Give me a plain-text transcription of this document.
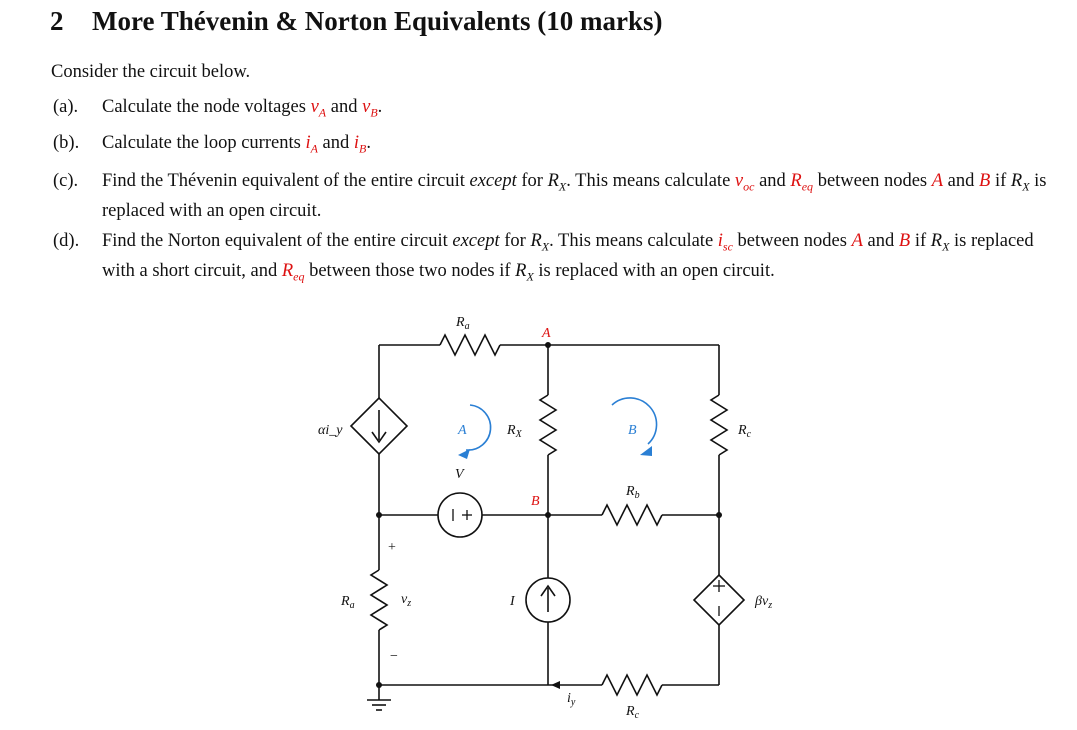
2 More Thévenin & Norton Equivalents (10 marks)
Consider the circuit below.
(a). Calculate the node voltages $v_A$ and $v_B$.
(b). Calculate the loop currents $i_A$ and $i_B$.
(c). Find the Thévenin equivalent of the entire circuit except for $R_X$. This means calculate $v_{oc}$ and $R_{eq}$ between nodes A and B if $R_X$ is replaced with an open circuit.
(d). Find the Norton equivalent of the entire circuit except for $R_X$. This means calculate $i_{sc}$ between nodes A and B if $R_X$ is replaced with a short circuit, and $R_{eq}$ between those two nodes if $R_X$ is replaced with an open circuit.
$R_a$	A
αi_y	A	$R_X$	B	$R_c$
V
$R_b$
B
+
$R_a$	$v_z$	I	$\beta v_z$
−
$i_y$
$R_c$
